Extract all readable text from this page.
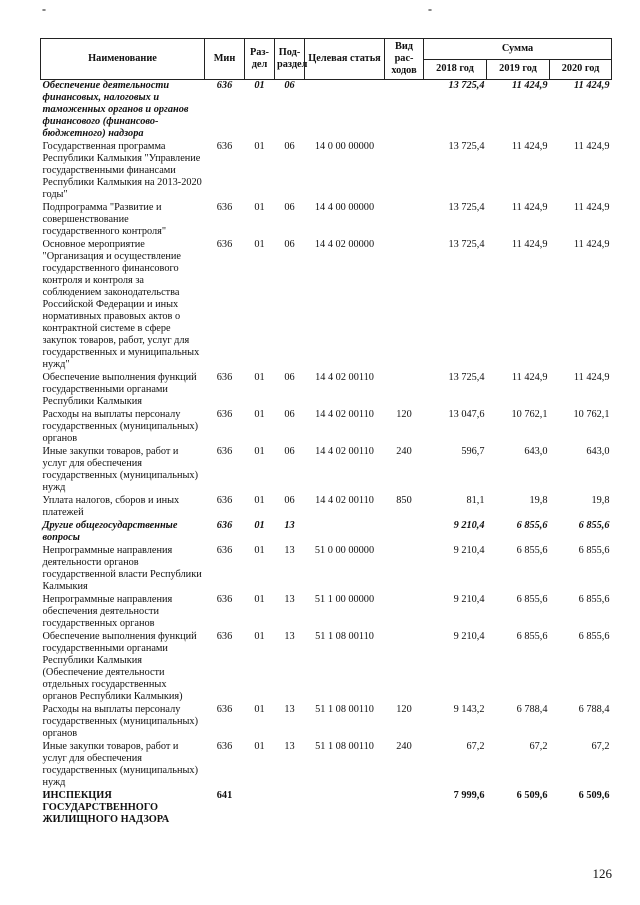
-	-
Наименование	Мин	Раз-дел	Под-раздел	Целевая статья	Вид рас-ходов	Сумма		
						2018 год	2019 год	2020 год
Обеспечение деятельности финансовых, налоговых и таможенных органов и органов финансового (финансово-бюджетного) надзора	636	01	06			13 725,4	11 424,9	11 424,9
Государственная программа Республики Калмыкия "Управление государственными финансами Республики Калмыкия на 2013-2020 годы"	636	01	06	14 0 00 00000		13 725,4	11 424,9	11 424,9
Подпрограмма "Развитие и совершенствование государственного контроля"	636	01	06	14 4 00 00000		13 725,4	11 424,9	11 424,9
Основное мероприятие "Организация и осуществление государственного финансового контроля и контроля за соблюдением законодательства Российской Федерации и иных нормативных правовых актов о контрактной системе в сфере закупок товаров, работ, услуг для государственных и муниципальных нужд"	636	01	06	14 4 02 00000		13 725,4	11 424,9	11 424,9
Обеспечение выполнения функций государственными органами Республики Калмыкия	636	01	06	14 4 02 00110		13 725,4	11 424,9	11 424,9
Расходы на выплаты персоналу государственных (муниципальных) органов	636	01	06	14 4 02 00110	120	13 047,6	10 762,1	10 762,1
Иные закупки товаров, работ и услуг для обеспечения государственных (муниципальных) нужд	636	01	06	14 4 02 00110	240	596,7	643,0	643,0
Уплата налогов, сборов и иных платежей	636	01	06	14 4 02 00110	850	81,1	19,8	19,8
Другие общегосударственные вопросы	636	01	13			9 210,4	6 855,6	6 855,6
Непрограммные направления деятельности органов государственной власти Республики Калмыкия	636	01	13	51 0 00 00000		9 210,4	6 855,6	6 855,6
Непрограммные направления обеспечения деятельности государственных органов	636	01	13	51 1 00 00000		9 210,4	6 855,6	6 855,6
Обеспечение выполнения функций государственными органами Республики Калмыкия (Обеспечение деятельности отдельных государственных органов Республики Калмыкия)	636	01	13	51 1 08 00110		9 210,4	6 855,6	6 855,6
Расходы на выплаты персоналу государственных (муниципальных) органов	636	01	13	51 1 08 00110	120	9 143,2	6 788,4	6 788,4
Иные закупки товаров, работ и услуг для обеспечения государственных (муниципальных) нужд	636	01	13	51 1 08 00110	240	67,2	67,2	67,2
ИНСПЕКЦИЯ ГОСУДАРСТВЕННОГО ЖИЛИЩНОГО НАДЗОРА	641					7 999,6	6 509,6	6 509,6
126
